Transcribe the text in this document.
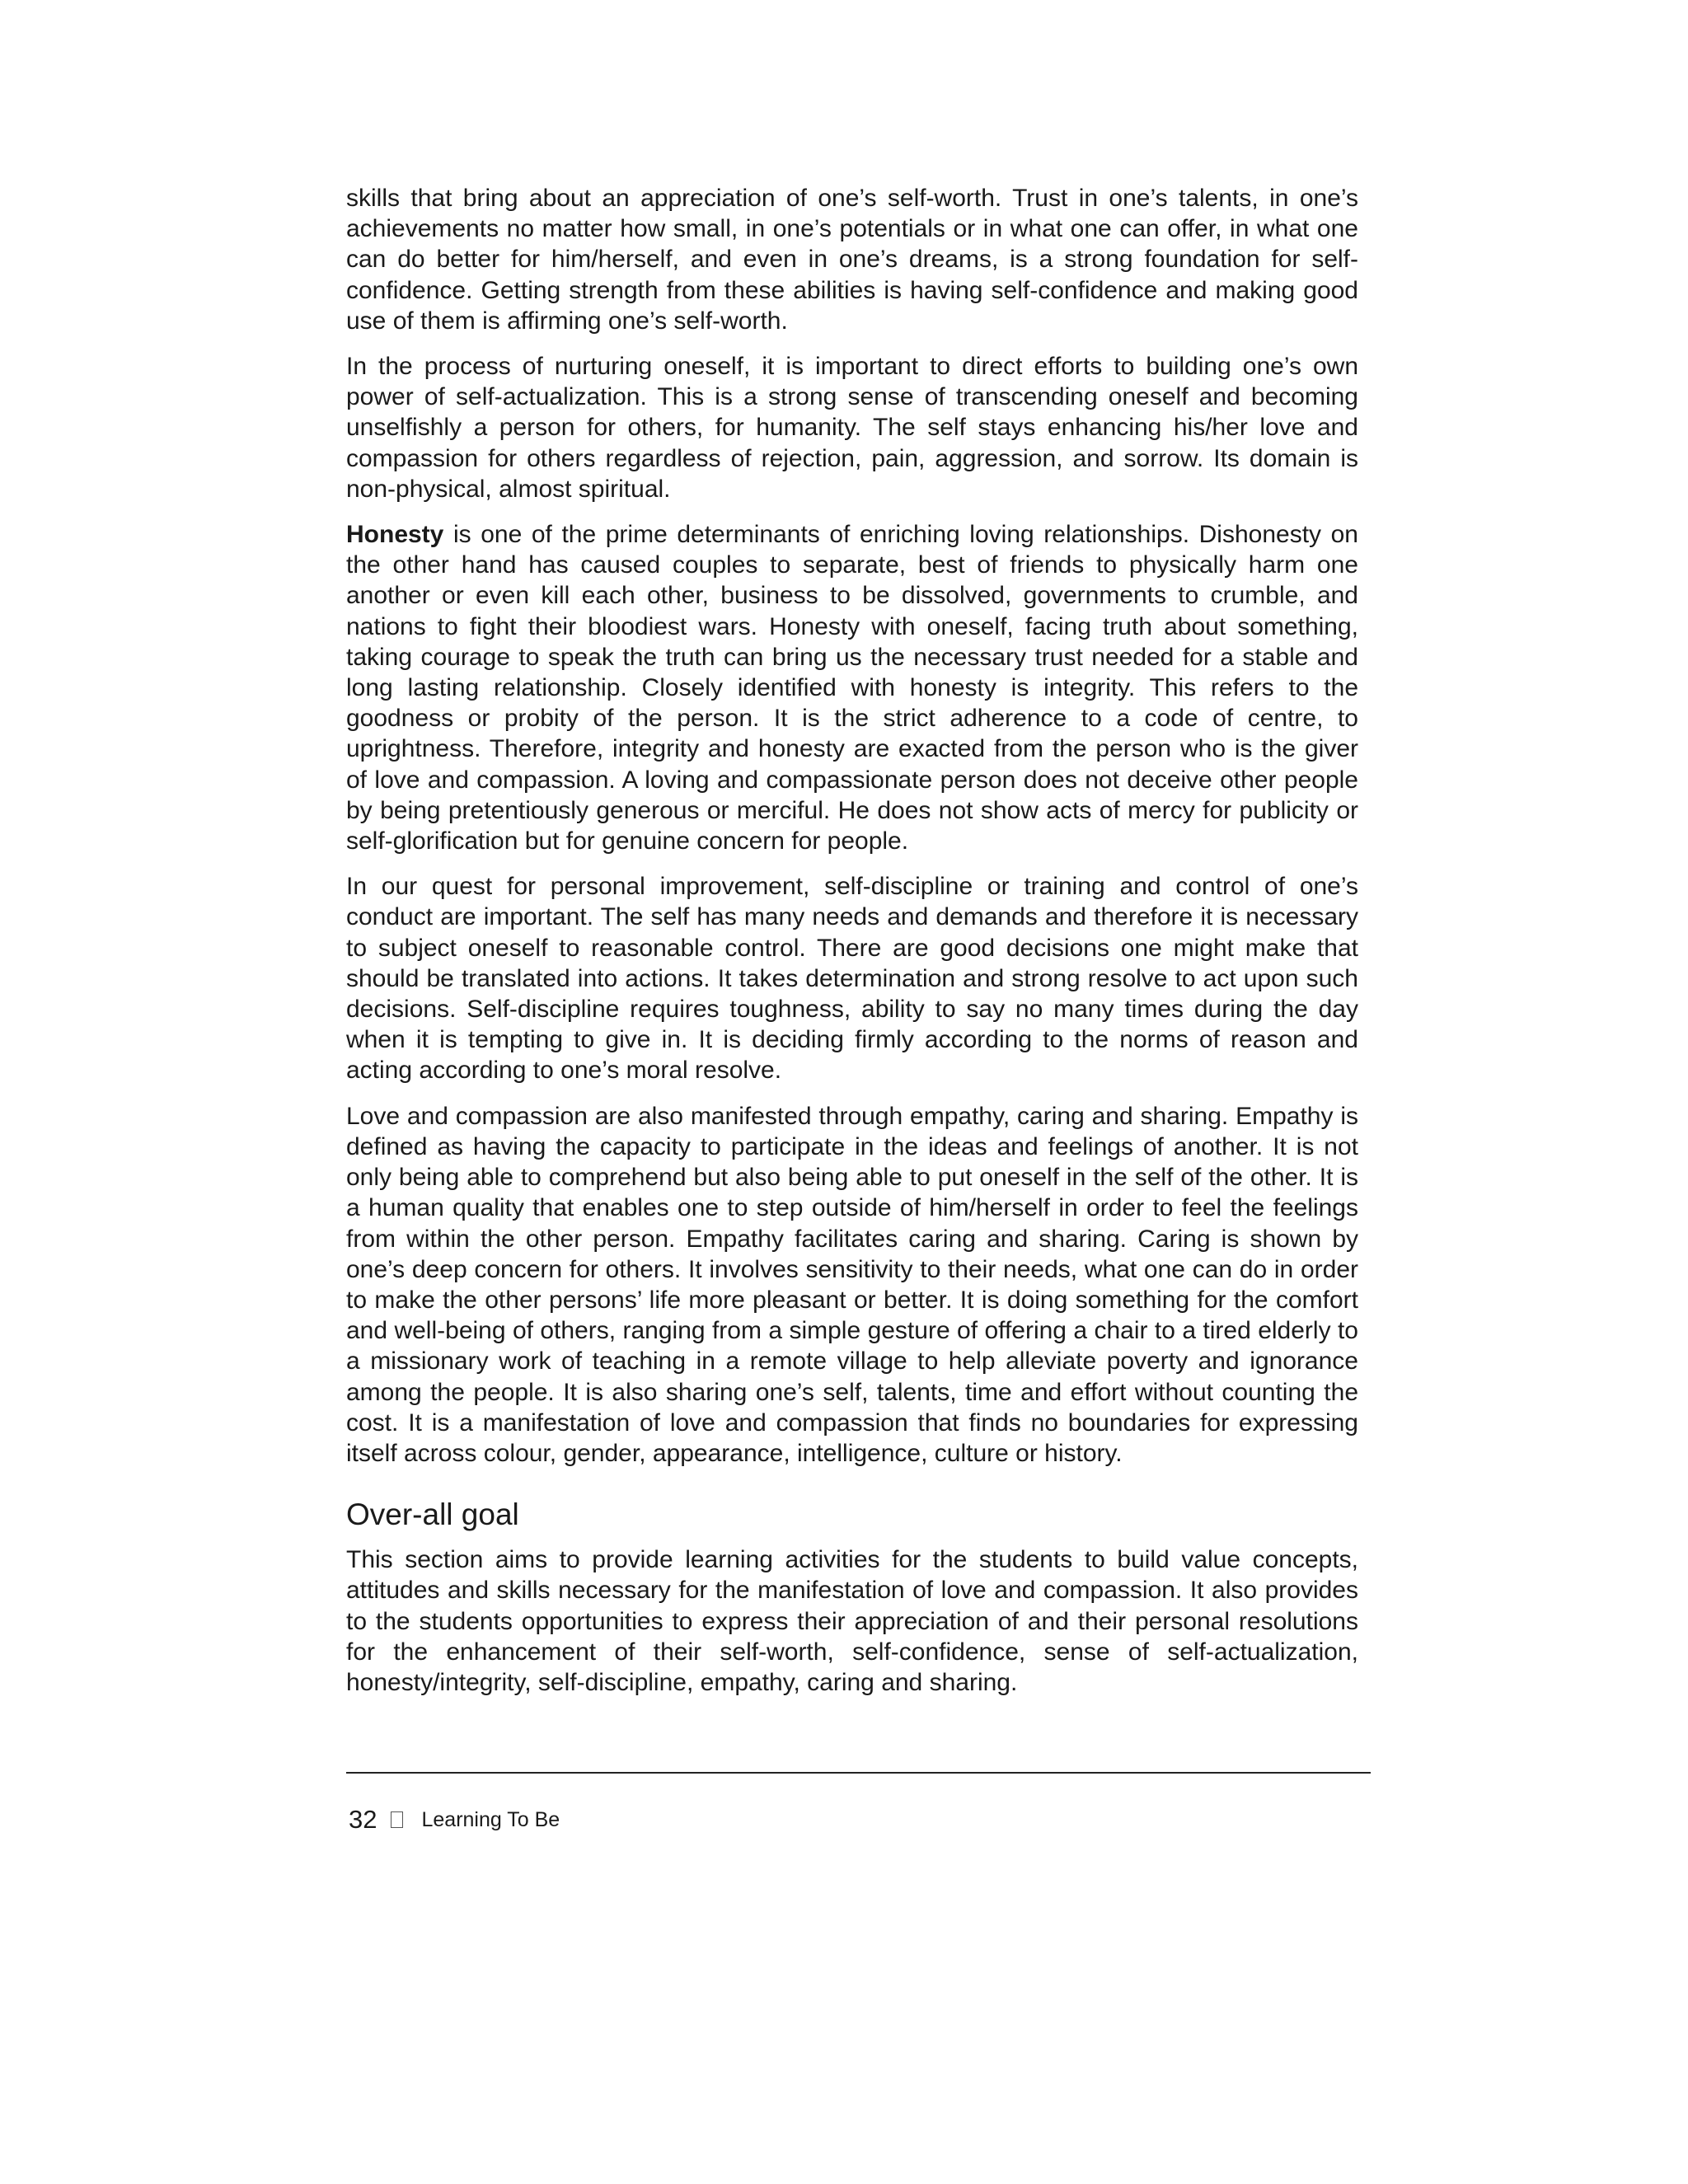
skills that bring about an appreciation of one’s self-worth. Trust in one’s talents, in one’s achievements no matter how small, in one’s potentials or in what one can offer, in what one can do better for him/herself, and even in one’s dreams, is a strong foundation for self-confidence. Getting strength from these abilities is having self-confidence and making good use of them is affirming one’s self-worth.

In the process of nurturing oneself, it is important to direct efforts to building one’s own power of self-actualization. This is a strong sense of transcending oneself and becoming unselfishly a person for others, for humanity. The self stays enhancing his/her love and compassion for others regardless of rejection, pain, aggression, and sorrow. Its domain is non-physical, almost spiritual.

Honesty is one of the prime determinants of enriching loving relationships. Dishonesty on the other hand has caused couples to separate, best of friends to physically harm one another or even kill each other, business to be dissolved, governments to crumble, and nations to fight their bloodiest wars. Honesty with oneself, facing truth about something, taking courage to speak the truth can bring us the necessary trust needed for a stable and long lasting relationship. Closely identified with honesty is integrity. This refers to the goodness or probity of the person. It is the strict adherence to a code of centre, to uprightness. Therefore, integrity and honesty are exacted from the person who is the giver of love and compassion. A loving and compassionate person does not deceive other people by being pretentiously generous or merciful. He does not show acts of mercy for publicity or self-glorification but for genuine concern for people.

In our quest for personal improvement, self-discipline or training and control of one’s conduct are important. The self has many needs and demands and therefore it is necessary to subject oneself to reasonable control. There are good decisions one might make that should be translated into actions. It takes determination and strong resolve to act upon such decisions. Self-discipline requires toughness, ability to say no many times during the day when it is tempting to give in. It is deciding firmly according to the norms of reason and acting according to one’s moral resolve.

Love and compassion are also manifested through empathy, caring and sharing. Empathy is defined as having the capacity to participate in the ideas and feelings of another. It is not only being able to comprehend but also being able to put oneself in the self of the other. It is a human quality that enables one to step outside of him/herself in order to feel the feelings from within the other person. Empathy facilitates caring and sharing. Caring is shown by one’s deep concern for others. It involves sensitivity to their needs, what one can do in order to make the other persons’ life more pleasant or better. It is doing something for the comfort and well-being of others, ranging from a simple gesture of offering a chair to a tired elderly to a missionary work of teaching in a remote village to help alleviate poverty and ignorance among the people. It is also sharing one’s self, talents, time and effort without counting the cost. It is a manifestation of love and compassion that finds no boundaries for expressing itself across colour, gender, appearance, intelligence, culture or history.

Over-all goal

This section aims to provide learning activities for the students to build value concepts, attitudes and skills necessary for the manifestation of love and compassion. It also provides to the students opportunities to express their appreciation of and their personal resolutions for the enhancement of their self-worth, self-confidence, sense of self-actualization, honesty/integrity, self-discipline, empathy, caring and sharing.

32 Learning To Be
